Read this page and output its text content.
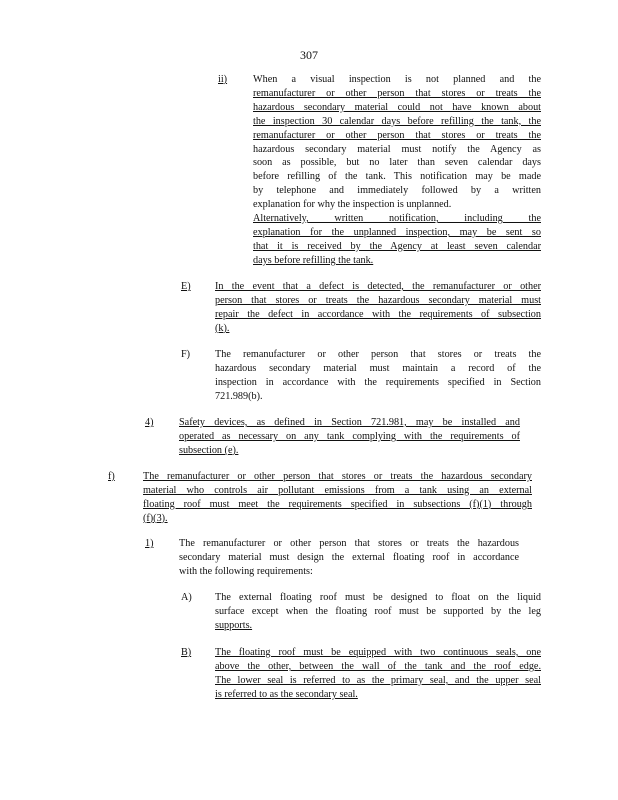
307
ii)	When a visual inspection is not planned and the
remanufacturer or other person that stores or treats the
hazardous secondary material could not have known about
the inspection 30 calendar days before refilling the tank, the
remanufacturer or other person that stores or treats the
hazardous secondary material must notify the Agency as
soon as possible, but no later than seven calendar days
before refilling of the tank. This notification may be made
by telephone and immediately followed by a written
explanation for why the inspection is unplanned.
Alternatively, written notification, including the
explanation for the unplanned inspection, may be sent so
that it is received by the Agency at least seven calendar
days before refilling the tank.
E) In the event that a defect is detected, the remanufacturer or other
person that stores or treats the hazardous secondary material must
repair the defect in accordance with the requirements of subsection
(k).
F) The remanufacturer or other person that stores or treats the
hazardous secondary material must maintain a record of the
inspection in accordance with the requirements specified in Section
721.989(b).
4)	Safety devices, as defined in Section 721.981, may be installed and
operated as necessary on any tank complying with the requirements of
subsection (e).
f)	The remanufacturer or other person that stores or treats the hazardous secondary
material who controls air pollutant emissions from a tank using an external
floating roof must meet the requirements specified in subsections (f)(1) through
(f)(3).
1)	The remanufacturer or other person that stores or treats the hazardous
secondary material must design the external floating roof in accordance
with the following requirements:
A) The external floating roof must be designed to float on the liquid
surface except when the floating roof must be supported by the leg
supports.
B) The floating roof must be equipped with two continuous seals, one
above the other, between the wall of the tank and the roof edge.
The lower seal is referred to as the primary seal, and the upper seal
is referred to as the secondary seal.
